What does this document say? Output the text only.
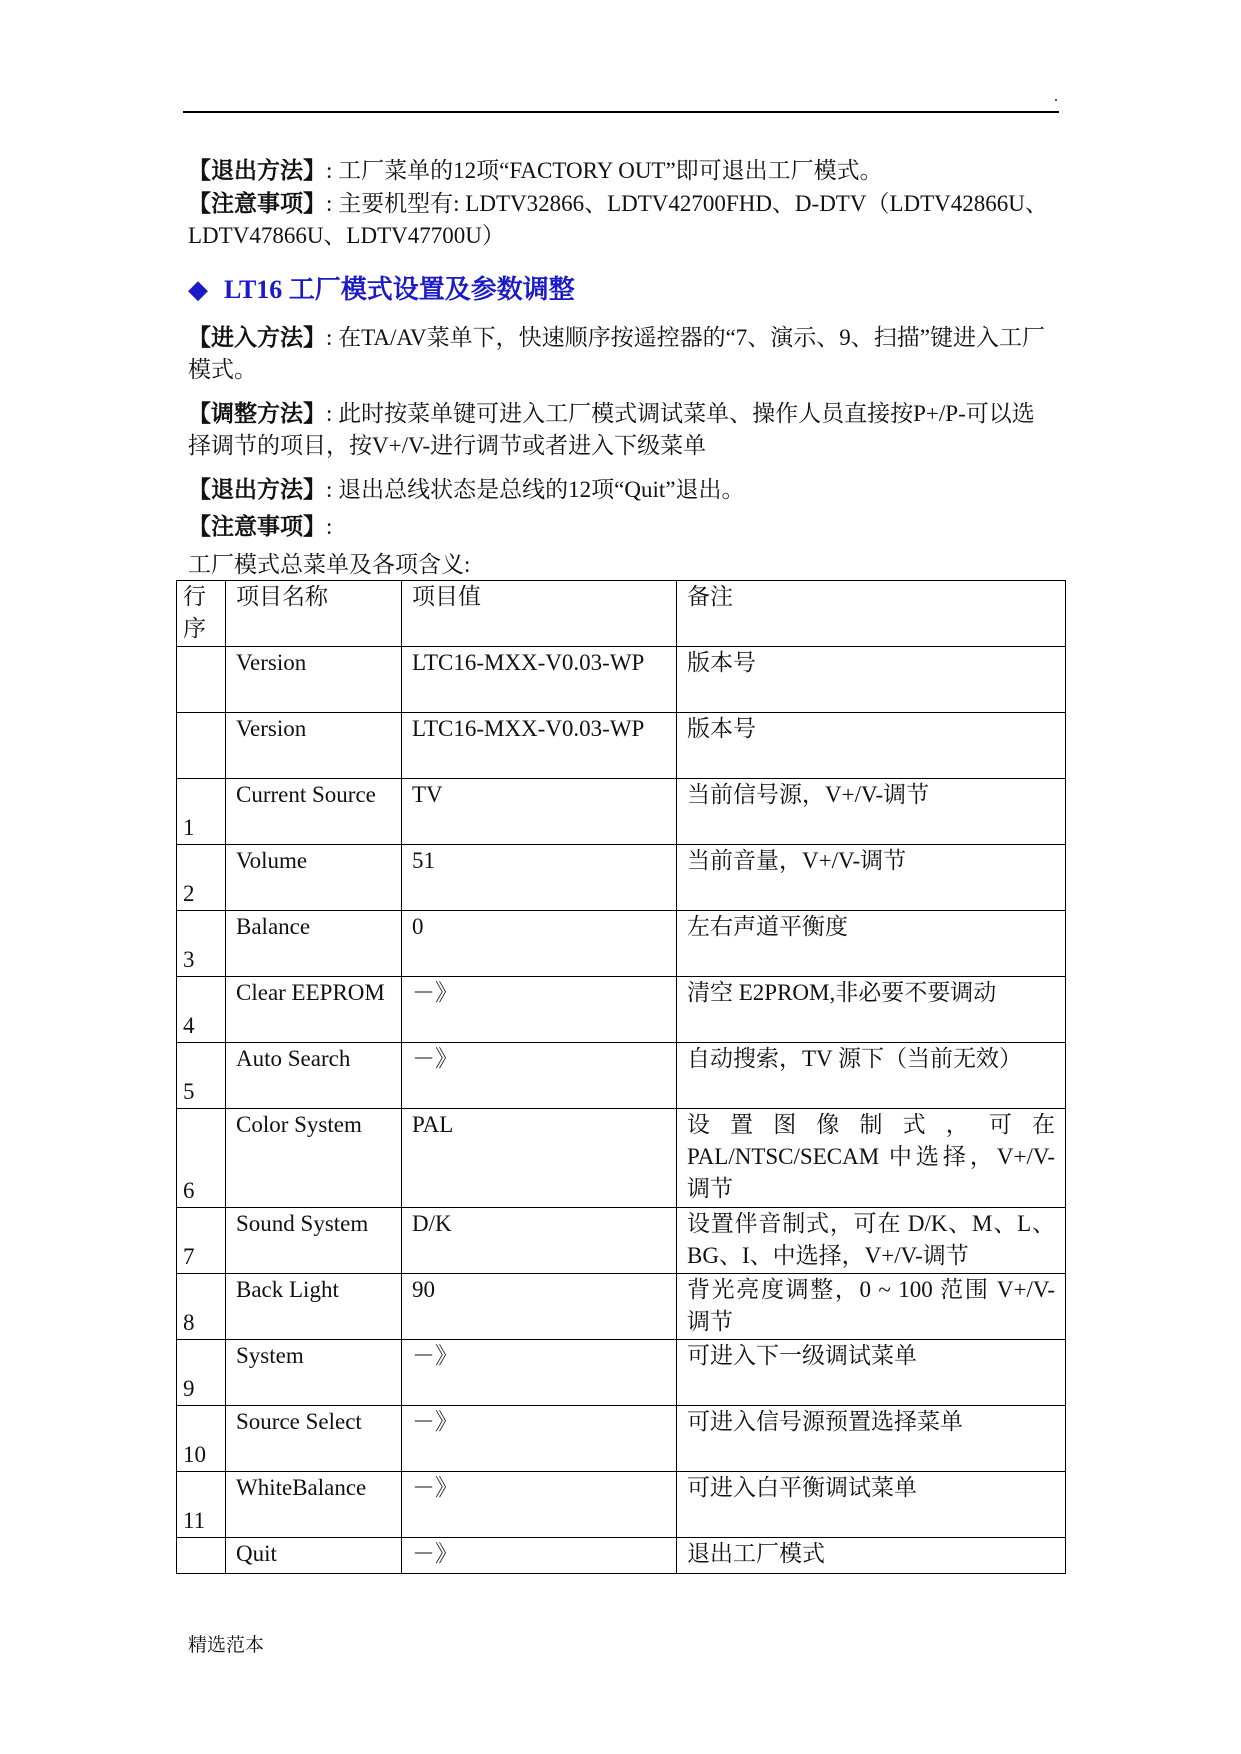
.

【退出方法】: 工厂菜单的12项“FACTORY OUT”即可退出工厂模式。

【注意事项】: 主要机型有: LDTV32866、LDTV42700FHD、D-DTV（LDTV42866U、LDTV47866U、LDTV47700U）

◆ LT16 工厂模式设置及参数调整

【进入方法】: 在TA/AV菜单下，快速顺序按遥控器的“7、演示、9、扫描”键进入工厂模式。

【调整方法】: 此时按菜单键可进入工厂模式调试菜单、操作人员直接按P+/P-可以选择调节的项目，按V+/V-进行调节或者进入下级菜单

【退出方法】: 退出总线状态是总线的12项“Quit”退出。

【注意事项】:

工厂模式总菜单及各项含义:

行序	项目名称	项目值	备注
	Version	LTC16-MXX-V0.03-WP	版本号
	Version	LTC16-MXX-V0.03-WP	版本号
1	Current Source	TV	当前信号源，V+/V-调节
2	Volume	51	当前音量，V+/V-调节
3	Balance	0	左右声道平衡度
4	Clear EEPROM	－》	清空 E2PROM,非必要不要调动
5	Auto Search	－》	自动搜索，TV 源下（当前无效）
6	Color System	PAL	设置图像制式，可在 PAL/NTSC/SECAM 中选择，V+/V-调节
7	Sound System	D/K	设置伴音制式，可在 D/K、M、L、BG、I、中选择，V+/V-调节
8	Back Light	90	背光亮度调整，0 ~ 100 范围 V+/V-调节
9	System	－》	可进入下一级调试菜单
10	Source Select	－》	可进入信号源预置选择菜单
11	WhiteBalance	－》	可进入白平衡调试菜单
	Quit	－》	退出工厂模式
精选范本
